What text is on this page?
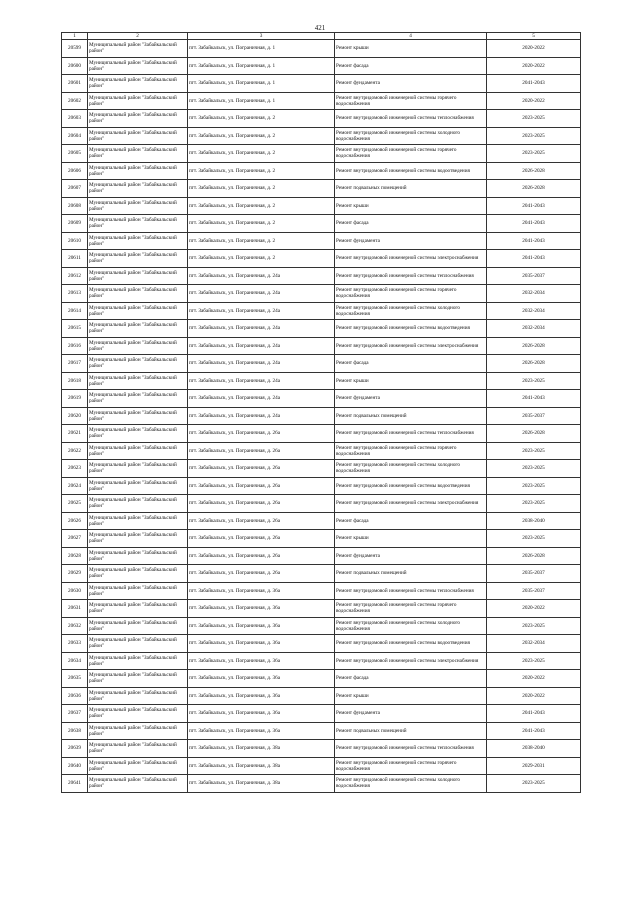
421
1	2	3	4	5
20599	Муниципальный район "Забайкальский район"	пгт. Забайкальск, ул. Пограничная, д. 1	Ремонт крыши	2020-2022
20600	Муниципальный район "Забайкальский район"	пгт. Забайкальск, ул. Пограничная, д. 1	Ремонт фасада	2020-2022
20601	Муниципальный район "Забайкальский район"	пгт. Забайкальск, ул. Пограничная, д. 1	Ремонт фундамента	2041-2043
20602	Муниципальный район "Забайкальский район"	пгт. Забайкальск, ул. Пограничная, д. 1	Ремонт внутридомовой инженерной системы горячего водоснабжения	2020-2022
20603	Муниципальный район "Забайкальский район"	пгт. Забайкальск, ул. Пограничная, д. 2	Ремонт внутридомовой инженерной системы теплоснабжения	2023-2025
20604	Муниципальный район "Забайкальский район"	пгт. Забайкальск, ул. Пограничная, д. 2	Ремонт внутридомовой инженерной системы холодного водоснабжения	2023-2025
20605	Муниципальный район "Забайкальский район"	пгт. Забайкальск, ул. Пограничная, д. 2	Ремонт внутридомовой инженерной системы горячего водоснабжения	2023-2025
20606	Муниципальный район "Забайкальский район"	пгт. Забайкальск, ул. Пограничная, д. 2	Ремонт внутридомовой инженерной системы водоотведения	2026-2028
20607	Муниципальный район "Забайкальский район"	пгт. Забайкальск, ул. Пограничная, д. 2	Ремонт подвальных помещений	2026-2028
20608	Муниципальный район "Забайкальский район"	пгт. Забайкальск, ул. Пограничная, д. 2	Ремонт крыши	2041-2043
20609	Муниципальный район "Забайкальский район"	пгт. Забайкальск, ул. Пограничная, д. 2	Ремонт фасада	2041-2043
20610	Муниципальный район "Забайкальский район"	пгт. Забайкальск, ул. Пограничная, д. 2	Ремонт фундамента	2041-2043
20611	Муниципальный район "Забайкальский район"	пгт. Забайкальск, ул. Пограничная, д. 2	Ремонт внутридомовой инженерной системы электроснабжения	2041-2043
20612	Муниципальный район "Забайкальский район"	пгт. Забайкальск, ул. Пограничная, д. 24а	Ремонт внутридомовой инженерной системы теплоснабжения	2035-2037
20613	Муниципальный район "Забайкальский район"	пгт. Забайкальск, ул. Пограничная, д. 24а	Ремонт внутридомовой инженерной системы горячего водоснабжения	2032-2034
20614	Муниципальный район "Забайкальский район"	пгт. Забайкальск, ул. Пограничная, д. 24а	Ремонт внутридомовой инженерной системы холодного водоснабжения	2032-2034
20615	Муниципальный район "Забайкальский район"	пгт. Забайкальск, ул. Пограничная, д. 24а	Ремонт внутридомовой инженерной системы водоотведения	2032-2034
20616	Муниципальный район "Забайкальский район"	пгт. Забайкальск, ул. Пограничная, д. 24а	Ремонт внутридомовой инженерной системы электроснабжения	2026-2028
20617	Муниципальный район "Забайкальский район"	пгт. Забайкальск, ул. Пограничная, д. 24а	Ремонт фасада	2026-2028
20618	Муниципальный район "Забайкальский район"	пгт. Забайкальск, ул. Пограничная, д. 24а	Ремонт крыши	2023-2025
20619	Муниципальный район "Забайкальский район"	пгт. Забайкальск, ул. Пограничная, д. 24а	Ремонт фундамента	2041-2043
20620	Муниципальный район "Забайкальский район"	пгт. Забайкальск, ул. Пограничная, д. 24а	Ремонт подвальных помещений	2035-2037
20621	Муниципальный район "Забайкальский район"	пгт. Забайкальск, ул. Пограничная, д. 26а	Ремонт внутридомовой инженерной системы теплоснабжения	2026-2028
20622	Муниципальный район "Забайкальский район"	пгт. Забайкальск, ул. Пограничная, д. 26а	Ремонт внутридомовой инженерной системы горячего водоснабжения	2023-2025
20623	Муниципальный район "Забайкальский район"	пгт. Забайкальск, ул. Пограничная, д. 26а	Ремонт внутридомовой инженерной системы холодного водоснабжения	2023-2025
20624	Муниципальный район "Забайкальский район"	пгт. Забайкальск, ул. Пограничная, д. 26а	Ремонт внутридомовой инженерной системы водоотведения	2023-2025
20625	Муниципальный район "Забайкальский район"	пгт. Забайкальск, ул. Пограничная, д. 26а	Ремонт внутридомовой инженерной системы электроснабжения	2023-2025
20626	Муниципальный район "Забайкальский район"	пгт. Забайкальск, ул. Пограничная, д. 26а	Ремонт фасада	2038-2040
20627	Муниципальный район "Забайкальский район"	пгт. Забайкальск, ул. Пограничная, д. 26а	Ремонт крыши	2023-2025
20628	Муниципальный район "Забайкальский район"	пгт. Забайкальск, ул. Пограничная, д. 26а	Ремонт фундамента	2026-2028
20629	Муниципальный район "Забайкальский район"	пгт. Забайкальск, ул. Пограничная, д. 26а	Ремонт подвальных помещений	2035-2037
20630	Муниципальный район "Забайкальский район"	пгт. Забайкальск, ул. Пограничная, д. 36а	Ремонт внутридомовой инженерной системы теплоснабжения	2035-2037
20631	Муниципальный район "Забайкальский район"	пгт. Забайкальск, ул. Пограничная, д. 36а	Ремонт внутридомовой инженерной системы горячего водоснабжения	2020-2022
20632	Муниципальный район "Забайкальский район"	пгт. Забайкальск, ул. Пограничная, д. 36а	Ремонт внутридомовой инженерной системы холодного водоснабжения	2023-2025
20633	Муниципальный район "Забайкальский район"	пгт. Забайкальск, ул. Пограничная, д. 36а	Ремонт внутридомовой инженерной системы водоотведения	2032-2034
20634	Муниципальный район "Забайкальский район"	пгт. Забайкальск, ул. Пограничная, д. 36а	Ремонт внутридомовой инженерной системы электроснабжения	2023-2025
20635	Муниципальный район "Забайкальский район"	пгт. Забайкальск, ул. Пограничная, д. 36а	Ремонт фасада	2020-2022
20636	Муниципальный район "Забайкальский район"	пгт. Забайкальск, ул. Пограничная, д. 36а	Ремонт крыши	2020-2022
20637	Муниципальный район "Забайкальский район"	пгт. Забайкальск, ул. Пограничная, д. 36а	Ремонт фундамента	2041-2043
20638	Муниципальный район "Забайкальский район"	пгт. Забайкальск, ул. Пограничная, д. 36а	Ремонт подвальных помещений	2041-2043
20639	Муниципальный район "Забайкальский район"	пгт. Забайкальск, ул. Пограничная, д. 38а	Ремонт внутридомовой инженерной системы теплоснабжения	2038-2040
20640	Муниципальный район "Забайкальский район"	пгт. Забайкальск, ул. Пограничная, д. 38а	Ремонт внутридомовой инженерной системы горячего водоснабжения	2029-2031
20641	Муниципальный район "Забайкальский район"	пгт. Забайкальск, ул. Пограничная, д. 38а	Ремонт внутридомовой инженерной системы холодного водоснабжения	2023-2025
